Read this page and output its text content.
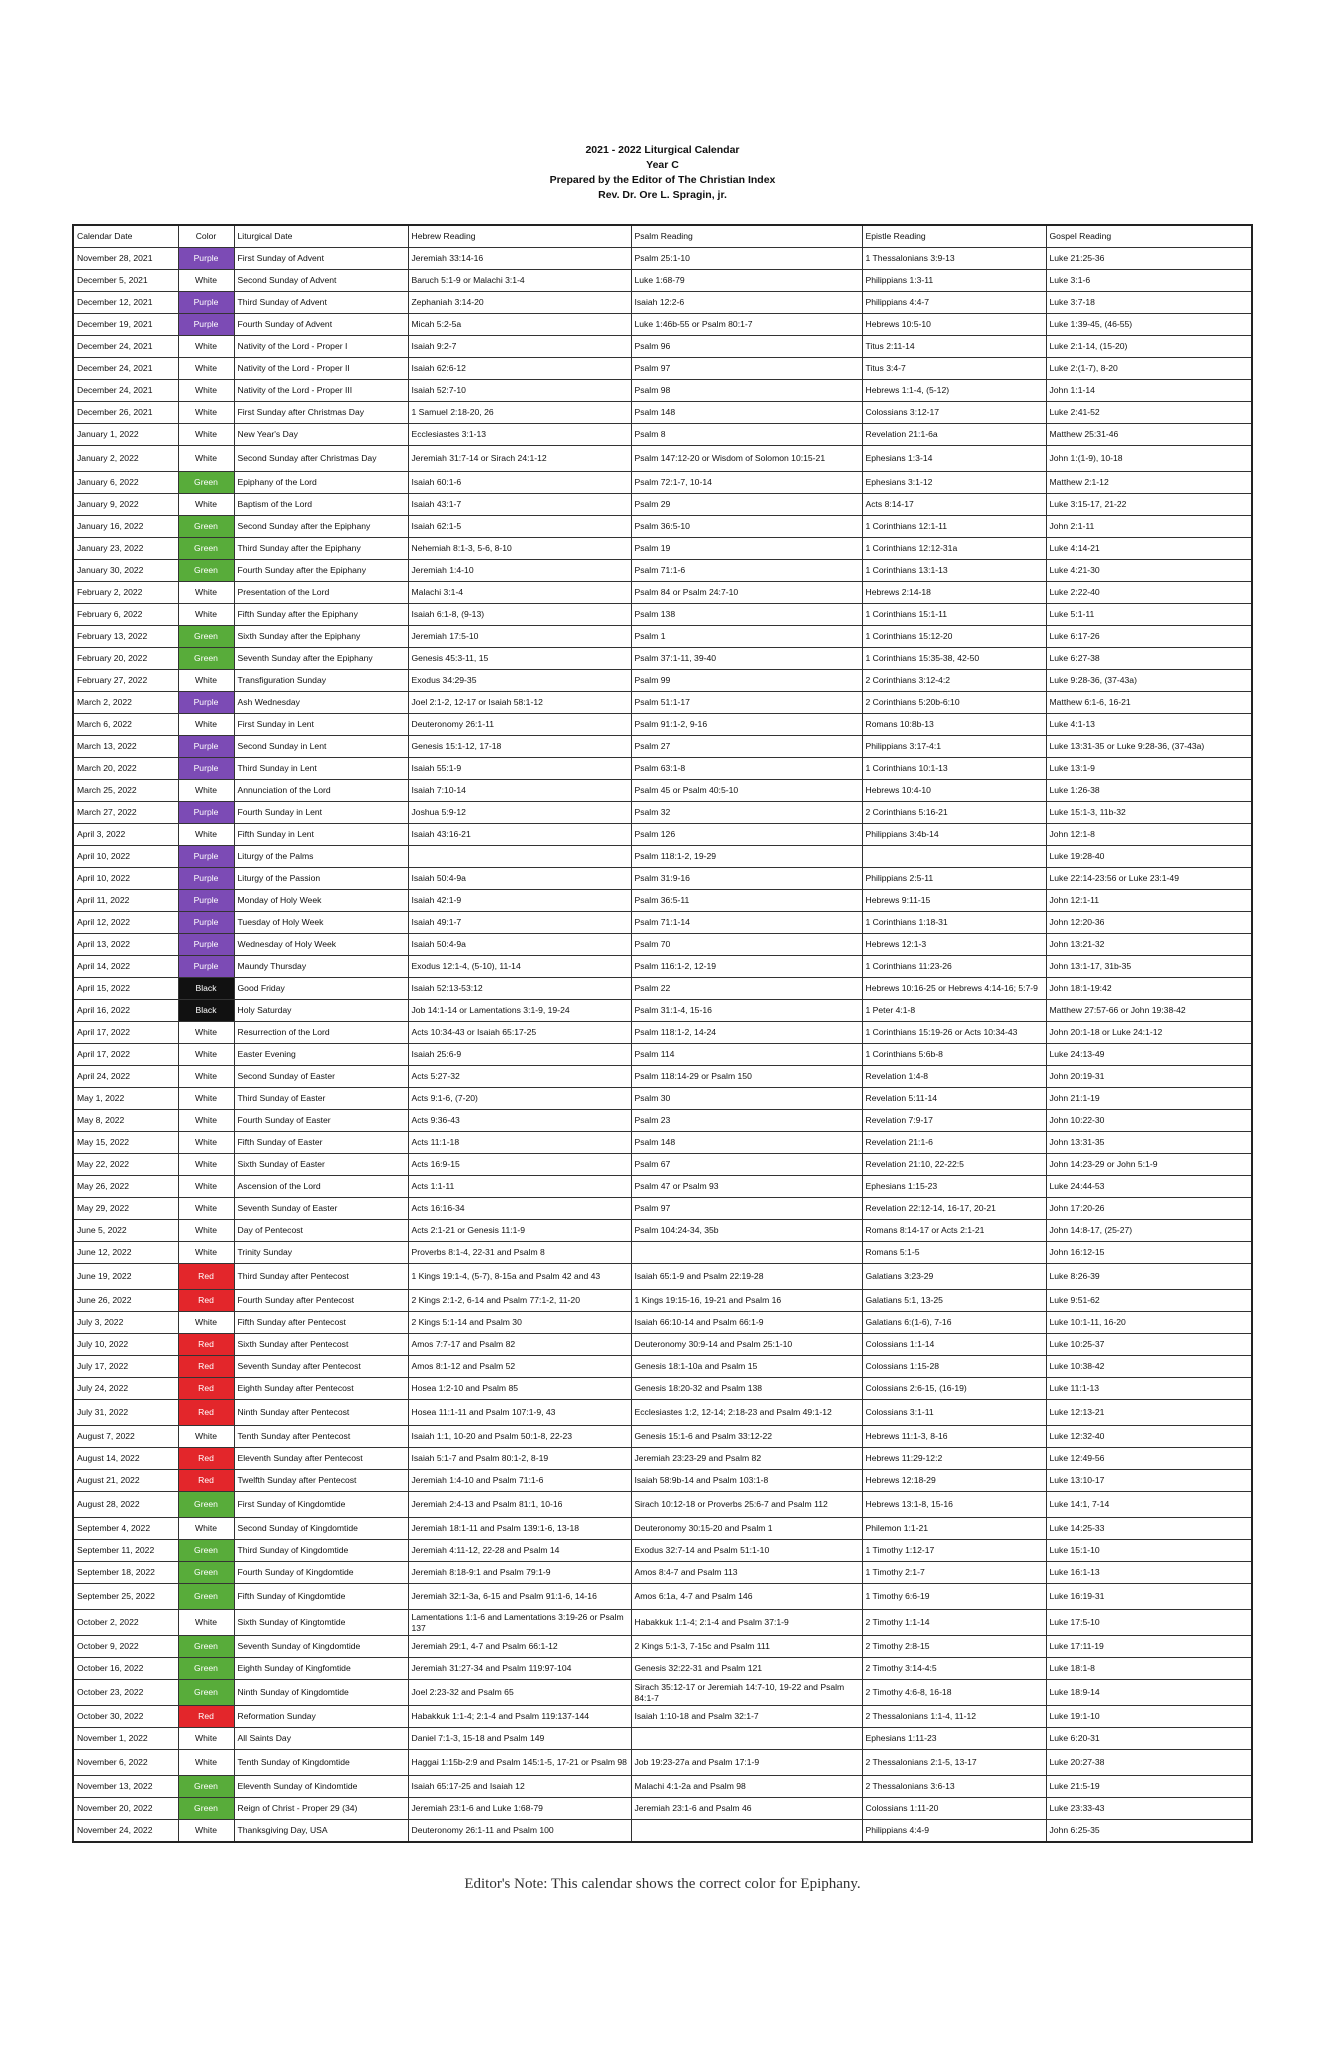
2021 - 2022 Liturgical Calendar
Year C
Prepared by the Editor of The Christian Index
Rev. Dr. Ore L. Spragin, jr.
Calendar Date	Color	Liturgical Date	Hebrew Reading	Psalm Reading	Epistle Reading	Gospel Reading
November 28, 2021	Purple	First Sunday of Advent	Jeremiah 33:14-16	Psalm 25:1-10	1 Thessalonians 3:9-13	Luke 21:25-36
December 5, 2021	White	Second Sunday of Advent	Baruch 5:1-9 or Malachi 3:1-4	Luke 1:68-79	Philippians 1:3-11	Luke 3:1-6
December 12, 2021	Purple	Third Sunday of Advent	Zephaniah 3:14-20	Isaiah 12:2-6	Philippians 4:4-7	Luke 3:7-18
December 19, 2021	Purple	Fourth Sunday of Advent	Micah 5:2-5a	Luke 1:46b-55 or Psalm 80:1-7	Hebrews 10:5-10	Luke 1:39-45, (46-55)
December 24, 2021	White	Nativity of the Lord - Proper I	Isaiah 9:2-7	Psalm 96	Titus 2:11-14	Luke 2:1-14, (15-20)
December 24, 2021	White	Nativity of the Lord - Proper II	Isaiah 62:6-12	Psalm 97	Titus 3:4-7	Luke 2:(1-7), 8-20
December 24, 2021	White	Nativity of the Lord - Proper III	Isaiah 52:7-10	Psalm 98	Hebrews 1:1-4, (5-12)	John 1:1-14
December 26, 2021	White	First Sunday after Christmas Day	1 Samuel 2:18-20, 26	Psalm 148	Colossians 3:12-17	Luke 2:41-52
January 1, 2022	White	New Year's Day	Ecclesiastes 3:1-13	Psalm 8	Revelation 21:1-6a	Matthew 25:31-46
January 2, 2022	White	Second Sunday after Christmas Day	Jeremiah 31:7-14 or Sirach 24:1-12	Psalm 147:12-20 or Wisdom of Solomon 10:15-21	Ephesians 1:3-14	John 1:(1-9), 10-18
January 6, 2022	Green	Epiphany of the Lord	Isaiah 60:1-6	Psalm 72:1-7, 10-14	Ephesians 3:1-12	Matthew 2:1-12
January 9, 2022	White	Baptism of the Lord	Isaiah 43:1-7	Psalm 29	Acts 8:14-17	Luke 3:15-17, 21-22
January 16, 2022	Green	Second Sunday after the Epiphany	Isaiah 62:1-5	Psalm 36:5-10	1 Corinthians 12:1-11	John 2:1-11
January 23, 2022	Green	Third Sunday after the Epiphany	Nehemiah 8:1-3, 5-6, 8-10	Psalm 19	1 Corinthians 12:12-31a	Luke 4:14-21
January 30, 2022	Green	Fourth Sunday after the Epiphany	Jeremiah 1:4-10	Psalm 71:1-6	1 Corinthians 13:1-13	Luke 4:21-30
February 2, 2022	White	Presentation of the Lord	Malachi 3:1-4	Psalm 84 or Psalm 24:7-10	Hebrews 2:14-18	Luke 2:22-40
February 6, 2022	White	Fifth Sunday after the Epiphany	Isaiah 6:1-8, (9-13)	Psalm 138	1 Corinthians 15:1-11	Luke 5:1-11
February 13, 2022	Green	Sixth Sunday after the Epiphany	Jeremiah 17:5-10	Psalm 1	1 Corinthians 15:12-20	Luke 6:17-26
February 20, 2022	Green	Seventh Sunday after the Epiphany	Genesis 45:3-11, 15	Psalm 37:1-11, 39-40	1 Corinthians 15:35-38, 42-50	Luke 6:27-38
February 27, 2022	White	Transfiguration Sunday	Exodus 34:29-35	Psalm 99	2 Corinthians 3:12-4:2	Luke 9:28-36, (37-43a)
March 2, 2022	Purple	Ash Wednesday	Joel 2:1-2, 12-17 or Isaiah 58:1-12	Psalm 51:1-17	2 Corinthians 5:20b-6:10	Matthew 6:1-6, 16-21
March 6, 2022	White	First Sunday in Lent	Deuteronomy 26:1-11	Psalm 91:1-2, 9-16	Romans 10:8b-13	Luke 4:1-13
March 13, 2022	Purple	Second Sunday in Lent	Genesis 15:1-12, 17-18	Psalm 27	Philippians 3:17-4:1	Luke 13:31-35 or Luke 9:28-36, (37-43a)
March 20, 2022	Purple	Third Sunday in Lent	Isaiah 55:1-9	Psalm 63:1-8	1 Corinthians 10:1-13	Luke 13:1-9
March 25, 2022	White	Annunciation of the Lord	Isaiah 7:10-14	Psalm 45 or Psalm 40:5-10	Hebrews 10:4-10	Luke 1:26-38
March 27, 2022	Purple	Fourth Sunday in Lent	Joshua 5:9-12	Psalm 32	2 Corinthians 5:16-21	Luke 15:1-3, 11b-32
April 3, 2022	White	Fifth Sunday in Lent	Isaiah 43:16-21	Psalm 126	Philippians 3:4b-14	John 12:1-8
April 10, 2022	Purple	Liturgy of the Palms		Psalm 118:1-2, 19-29		Luke 19:28-40
April 10, 2022	Purple	Liturgy of the Passion	Isaiah 50:4-9a	Psalm 31:9-16	Philippians 2:5-11	Luke 22:14-23:56 or Luke 23:1-49
April 11, 2022	Purple	Monday of Holy Week	Isaiah 42:1-9	Psalm 36:5-11	Hebrews 9:11-15	John 12:1-11
April 12, 2022	Purple	Tuesday of Holy Week	Isaiah 49:1-7	Psalm 71:1-14	1 Corinthians 1:18-31	John 12:20-36
April 13, 2022	Purple	Wednesday of Holy Week	Isaiah 50:4-9a	Psalm 70	Hebrews 12:1-3	John 13:21-32
April 14, 2022	Purple	Maundy Thursday	Exodus 12:1-4, (5-10), 11-14	Psalm 116:1-2, 12-19	1 Corinthians 11:23-26	John 13:1-17, 31b-35
April 15, 2022	Black	Good Friday	Isaiah 52:13-53:12	Psalm 22	Hebrews 10:16-25 or Hebrews 4:14-16; 5:7-9	John 18:1-19:42
April 16, 2022	Black	Holy Saturday	Job 14:1-14 or Lamentations 3:1-9, 19-24	Psalm 31:1-4, 15-16	1 Peter 4:1-8	Matthew 27:57-66 or John 19:38-42
April 17, 2022	White	Resurrection of the Lord	Acts 10:34-43 or Isaiah 65:17-25	Psalm 118:1-2, 14-24	1 Corinthians 15:19-26 or Acts 10:34-43	John 20:1-18 or Luke 24:1-12
April 17, 2022	White	Easter Evening	Isaiah 25:6-9	Psalm 114	1 Corinthians 5:6b-8	Luke 24:13-49
April 24, 2022	White	Second Sunday of Easter	Acts 5:27-32	Psalm 118:14-29 or Psalm 150	Revelation 1:4-8	John 20:19-31
May 1, 2022	White	Third Sunday of Easter	Acts 9:1-6, (7-20)	Psalm 30	Revelation 5:11-14	John 21:1-19
May 8, 2022	White	Fourth Sunday of Easter	Acts 9:36-43	Psalm 23	Revelation 7:9-17	John 10:22-30
May 15, 2022	White	Fifth Sunday of Easter	Acts 11:1-18	Psalm 148	Revelation 21:1-6	John 13:31-35
May 22, 2022	White	Sixth Sunday of Easter	Acts 16:9-15	Psalm 67	Revelation 21:10, 22-22:5	John 14:23-29 or John 5:1-9
May 26, 2022	White	Ascension of the Lord	Acts 1:1-11	Psalm 47 or Psalm 93	Ephesians 1:15-23	Luke 24:44-53
May 29, 2022	White	Seventh Sunday of Easter	Acts 16:16-34	Psalm 97	Revelation 22:12-14, 16-17, 20-21	John 17:20-26
June 5, 2022	White	Day of Pentecost	Acts 2:1-21 or Genesis 11:1-9	Psalm 104:24-34, 35b	Romans 8:14-17 or Acts 2:1-21	John 14:8-17, (25-27)
June 12, 2022	White	Trinity Sunday	Proverbs 8:1-4, 22-31 and Psalm 8		Romans 5:1-5	John 16:12-15
June 19, 2022	Red	Third Sunday after Pentecost	1 Kings 19:1-4, (5-7), 8-15a and Psalm 42 and 43	Isaiah 65:1-9 and Psalm 22:19-28	Galatians 3:23-29	Luke 8:26-39
June 26, 2022	Red	Fourth Sunday after Pentecost	2 Kings 2:1-2, 6-14 and Psalm 77:1-2, 11-20	1 Kings 19:15-16, 19-21 and Psalm 16	Galatians 5:1, 13-25	Luke 9:51-62
July 3, 2022	White	Fifth Sunday after Pentecost	2 Kings 5:1-14 and Psalm 30	Isaiah 66:10-14 and Psalm 66:1-9	Galatians 6:(1-6), 7-16	Luke 10:1-11, 16-20
July 10, 2022	Red	Sixth Sunday after Pentecost	Amos 7:7-17 and Psalm 82	Deuteronomy 30:9-14 and Psalm 25:1-10	Colossians 1:1-14	Luke 10:25-37
July 17, 2022	Red	Seventh Sunday after Pentecost	Amos 8:1-12 and Psalm 52	Genesis 18:1-10a and Psalm 15	Colossians 1:15-28	Luke 10:38-42
July 24, 2022	Red	Eighth Sunday after Pentecost	Hosea 1:2-10 and Psalm 85	Genesis 18:20-32 and Psalm 138	Colossians 2:6-15, (16-19)	Luke 11:1-13
July 31, 2022	Red	Ninth Sunday after Pentecost	Hosea 11:1-11 and Psalm 107:1-9, 43	Ecclesiastes 1:2, 12-14; 2:18-23 and Psalm 49:1-12	Colossians 3:1-11	Luke 12:13-21
August 7, 2022	White	Tenth Sunday after Pentecost	Isaiah 1:1, 10-20 and Psalm 50:1-8, 22-23	Genesis 15:1-6 and Psalm 33:12-22	Hebrews 11:1-3, 8-16	Luke 12:32-40
August 14, 2022	Red	Eleventh Sunday after Pentecost	Isaiah 5:1-7 and Psalm 80:1-2, 8-19	Jeremiah 23:23-29 and Psalm 82	Hebrews 11:29-12:2	Luke 12:49-56
August 21, 2022	Red	Twelfth Sunday after Pentecost	Jeremiah 1:4-10 and Psalm 71:1-6	Isaiah 58:9b-14 and Psalm 103:1-8	Hebrews 12:18-29	Luke 13:10-17
August 28, 2022	Green	First Sunday of Kingdomtide	Jeremiah 2:4-13 and Psalm 81:1, 10-16	Sirach 10:12-18 or Proverbs 25:6-7 and Psalm 112	Hebrews 13:1-8, 15-16	Luke 14:1, 7-14
September 4, 2022	White	Second Sunday of Kingdomtide	Jeremiah 18:1-11 and Psalm 139:1-6, 13-18	Deuteronomy 30:15-20 and Psalm 1	Philemon 1:1-21	Luke 14:25-33
September 11, 2022	Green	Third Sunday of Kingdomtide	Jeremiah 4:11-12, 22-28 and Psalm 14	Exodus 32:7-14 and Psalm 51:1-10	1 Timothy 1:12-17	Luke 15:1-10
September 18, 2022	Green	Fourth Sunday of Kingdomtide	Jeremiah 8:18-9:1 and Psalm 79:1-9	Amos 8:4-7 and Psalm 113	1 Timothy 2:1-7	Luke 16:1-13
September 25, 2022	Green	Fifth Sunday of Kingdomtide	Jeremiah 32:1-3a, 6-15 and Psalm 91:1-6, 14-16	Amos 6:1a, 4-7 and Psalm 146	1 Timothy 6:6-19	Luke 16:19-31
October 2, 2022	White	Sixth Sunday of Kingtomtide	Lamentations 1:1-6 and Lamentations 3:19-26 or Psalm 137	Habakkuk 1:1-4; 2:1-4 and Psalm 37:1-9	2 Timothy 1:1-14	Luke 17:5-10
October 9, 2022	Green	Seventh Sunday of Kingdomtide	Jeremiah 29:1, 4-7 and Psalm 66:1-12	2 Kings 5:1-3, 7-15c and Psalm 111	2 Timothy 2:8-15	Luke 17:11-19
October 16, 2022	Green	Eighth Sunday of Kingfomtide	Jeremiah 31:27-34 and Psalm 119:97-104	Genesis 32:22-31 and Psalm 121	2 Timothy 3:14-4:5	Luke 18:1-8
October 23, 2022	Green	Ninth Sunday of Kingdomtide	Joel 2:23-32 and Psalm 65	Sirach 35:12-17 or Jeremiah 14:7-10, 19-22 and Psalm 84:1-7	2 Timothy 4:6-8, 16-18	Luke 18:9-14
October 30, 2022	Red	Reformation Sunday	Habakkuk 1:1-4; 2:1-4 and Psalm 119:137-144	Isaiah 1:10-18 and Psalm 32:1-7	2 Thessalonians 1:1-4, 11-12	Luke 19:1-10
November 1, 2022	White	All Saints Day	Daniel 7:1-3, 15-18 and Psalm 149		Ephesians 1:11-23	Luke 6:20-31
November 6, 2022	White	Tenth Sunday of Kingdomtide	Haggai 1:15b-2:9 and Psalm 145:1-5, 17-21 or Psalm 98	Job 19:23-27a and Psalm 17:1-9	2 Thessalonians 2:1-5, 13-17	Luke 20:27-38
November 13, 2022	Green	Eleventh Sunday of Kindomtide	Isaiah 65:17-25 and Isaiah 12	Malachi 4:1-2a and Psalm 98	2 Thessalonians 3:6-13	Luke 21:5-19
November 20, 2022	Green	Reign of Christ - Proper 29 (34)	Jeremiah 23:1-6 and Luke 1:68-79	Jeremiah 23:1-6 and Psalm 46	Colossians 1:11-20	Luke 23:33-43
November 24, 2022	White	Thanksgiving Day, USA	Deuteronomy 26:1-11 and Psalm 100		Philippians 4:4-9	John 6:25-35
Editor's Note: This calendar shows the correct color for Epiphany.
